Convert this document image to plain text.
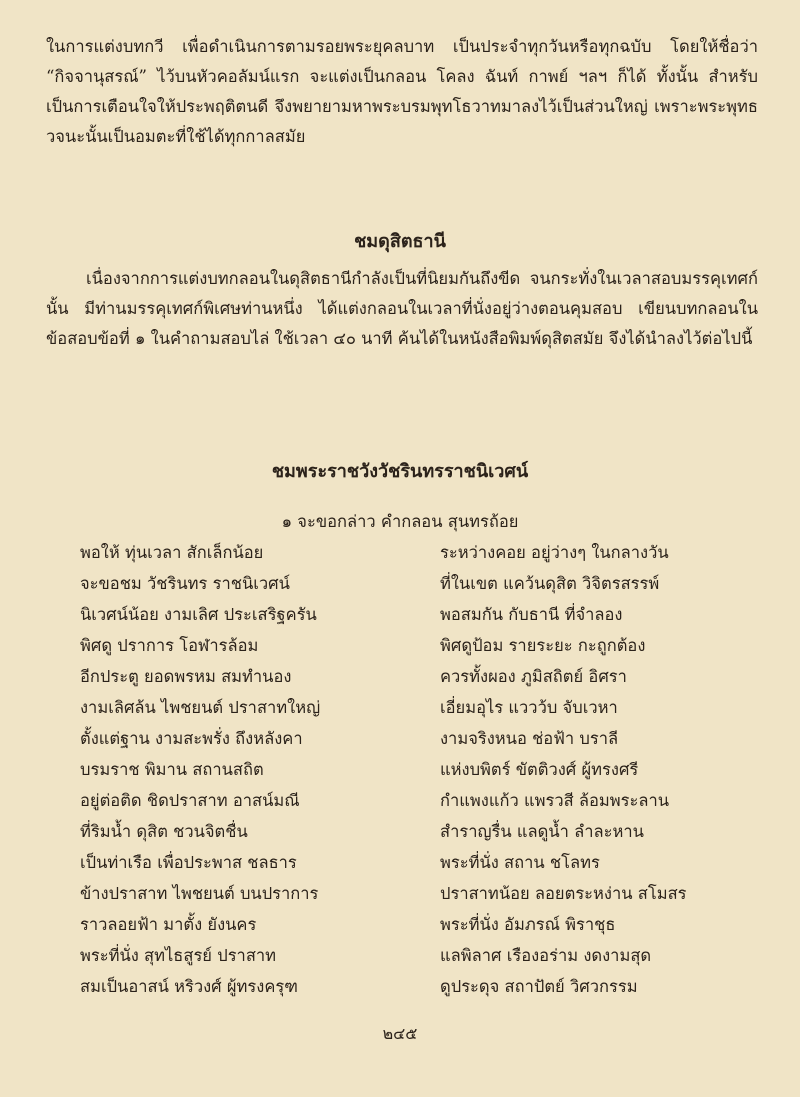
ในการแต่งบทกวี เพื่อดำเนินการตามรอยพระยุคลบาท เป็นประจำทุกวันหรือทุกฉบับ โดยให้ชื่อว่า “กิจจานุสรณ์” ไว้บนหัวคอลัมน์แรก จะแต่งเป็นกลอน โคลง ฉันท์ กาพย์ ฯลฯ ก็ได้ ทั้งนั้น สำหรับเป็นการเตือนใจให้ประพฤติตนดี จึงพยายามหาพระบรมพุทโธวาทมาลงไว้เป็นส่วนใหญ่ เพราะพระพุทธวจนะนั้นเป็นอมตะที่ใช้ได้ทุกกาลสมัย

ชมดุสิตธานี

เนื่องจากการแต่งบทกลอนในดุสิตธานีกำลังเป็นที่นิยมกันถึงขีด จนกระทั่งในเวลาสอบมรรคุเทศก์นั้น มีท่านมรรคุเทศก์พิเศษท่านหนึ่ง ได้แต่งกลอนในเวลาที่นั่งอยู่ว่างตอนคุมสอบ เขียนบทกลอนในข้อสอบข้อที่ ๑ ในคำถามสอบไล่ ใช้เวลา ๔๐ นาที ค้นได้ในหนังสือพิมพ์ดุสิตสมัย จึงได้นำลงไว้ต่อไปนี้

ชมพระราชวังวัชรินทรราชนิเวศน์
๑ จะขอกล่าว คำกลอน สุนทรถ้อย
พอให้ ทุ่นเวลา สักเล็กน้อย	ระหว่างคอย อยู่ว่างๆ ในกลางวัน
จะขอชม วัชรินทร ราชนิเวศน์	ที่ในเขต แคว้นดุสิต วิจิตรสรรพ์
นิเวศน์น้อย งามเลิศ ประเสริฐครัน	พอสมกัน กับธานี ที่จำลอง
พิศดู ปราการ โอฬารล้อม	พิศดูป้อม รายระยะ กะถูกต้อง
อีกประตู ยอดพรหม สมทำนอง	ควรทั้งผอง ภูมิสถิตย์ อิศรา
งามเลิศล้น ไพชยนต์ ปราสาทใหญ่	เอี่ยมอุไร แววว้บ จับเวหา
ตั้งแต่ฐาน งามสะพรั่ง ถึงหลังคา	งามจริงหนอ ช่อฟ้า บราลี
บรมราช พิมาน สถานสถิต	แห่งบพิตร์ ขัตติวงศ์ ผู้ทรงศรี
อยู่ต่อติด ชิดปราสาท อาสน์มณี	กำแพงแก้ว แพรวสี ล้อมพระลาน
ที่ริมน้ำ ดุสิต ชวนจิตชื่น	สำราญรื่น แลดูน้ำ ลำละหาน
เป็นท่าเรือ เพื่อประพาส ชลธาร	พระที่นั่ง สถาน ชโลทร
ข้างปราสาท ไพชยนต์ บนปราการ	ปราสาทน้อย ลอยตระหง่าน สโมสร
ราวลอยฟ้า มาตั้ง ยังนคร	พระที่นั่ง อัมภรณ์ พิราชุธ
พระที่นั่ง สุทไธสูรย์ ปราสาท	แลพิลาศ เรืองอร่าม งดงามสุด
สมเป็นอาสน์ หริวงศ์ ผู้ทรงครุฑ	ดูประดุจ สถาปัตย์ วิศวกรรม
๒๔๕
